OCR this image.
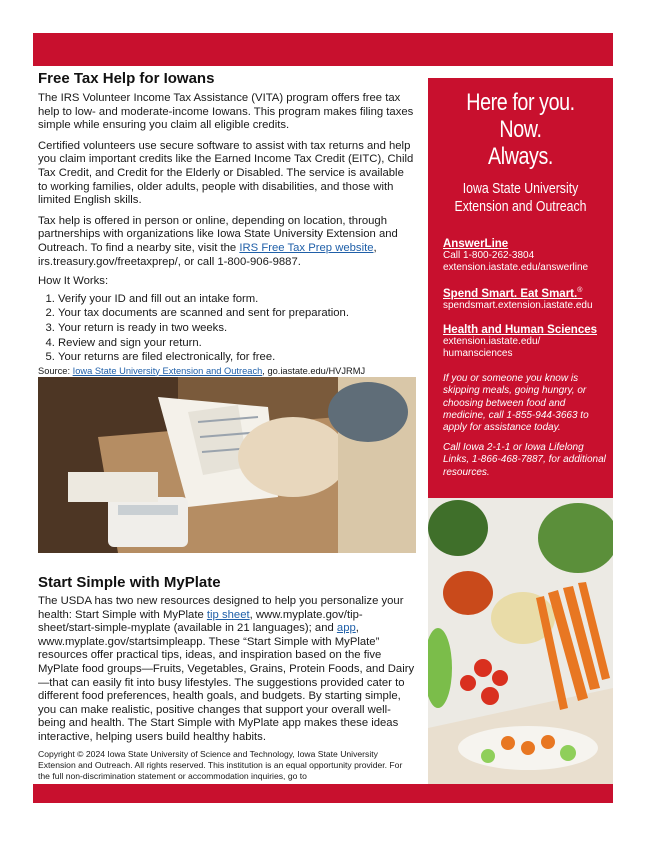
Free Tax Help for Iowans

The IRS Volunteer Income Tax Assistance (VITA) program offers free tax help to low- and moderate-income Iowans. This program makes filing taxes simple while ensuring you claim all eligible credits.

Certified volunteers use secure software to assist with tax returns and help you claim important credits like the Earned Income Tax Credit (EITC), Child Tax Credit, and Credit for the Elderly or Disabled. The service is available to working families, older adults, people with disabilities, and those with limited English skills.

Tax help is offered in person or online, depending on location, through partnerships with organizations like Iowa State University Extension and Outreach. To find a nearby site, visit the IRS Free Tax Prep website, irs.treasury.gov/freetaxprep/, or call 1-800-906-9887.

How It Works:

1. Verify your ID and fill out an intake form.
2. Your tax documents are scanned and sent for preparation.
3. Your return is ready in two weeks.
4. Review and sign your return.
5. Your returns are filed electronically, for free.
Source: Iowa State University Extension and Outreach, go.iastate.edu/HVJRMJ
Start Simple with MyPlate

The USDA has two new resources designed to help you personalize your health: Start Simple with MyPlate tip sheet, www.myplate.gov/tip-sheet/start-simple-myplate (available in 21 languages); and app, www.myplate.gov/startsimpleapp. These “Start Simple with MyPlate” resources offer practical tips, ideas, and inspiration based on the five MyPlate food groups—Fruits, Vegetables, Grains, Protein Foods, and Dairy—that can easily fit into busy lifestyles. The suggestions provided cater to different food preferences, health goals, and budgets. By starting simple, you can make realistic, positive changes that support your overall well-being and health. The Start Simple with MyPlate app makes these ideas interactive, helping users build healthy habits.

Copyright © 2024 Iowa State University of Science and Technology, Iowa State University Extension and Outreach. All rights reserved. This institution is an equal opportunity provider. For the full non-discrimination statement or accommodation inquiries, go to
Here for you.
Now.
Always.
Iowa State University
Extension and Outreach
AnswerLine
Call 1-800-262-3804
extension.iastate.edu/answerline
Spend Smart. Eat Smart.®
spendsmart.extension.iastate.edu
Health and Human Sciences
extension.iastate.edu/
humansciences

If you or someone you know is skipping meals, going hungry, or choosing between food and medicine, call 1-855-944-3663 to apply for assistance today.

Call Iowa 2-1-1 or Iowa Lifelong Links, 1-866-468-7887, for additional resources.
